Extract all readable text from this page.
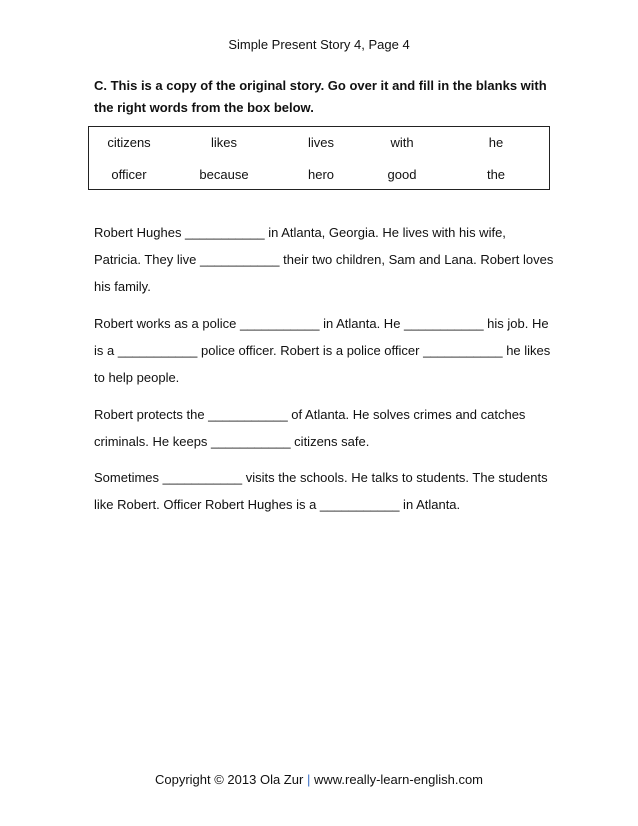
Simple Present Story 4, Page 4
C. This is a copy of the original story. Go over it and fill in the blanks with the right words from the box below.
citizens	likes	lives	with	he
officer	because	hero	good	the
Robert Hughes ___________ in Atlanta, Georgia. He lives with his wife, Patricia. They live ___________ their two children, Sam and Lana. Robert loves his family.
Robert works as a police ___________ in Atlanta. He ___________ his job. He is a ___________ police officer. Robert is a police officer ___________ he likes to help people.
Robert protects the ___________ of Atlanta. He solves crimes and catches criminals. He keeps ___________ citizens safe.
Sometimes ___________ visits the schools. He talks to students. The students like Robert. Officer Robert Hughes is a ___________ in Atlanta.
Copyright © 2013 Ola Zur | www.really-learn-english.com
